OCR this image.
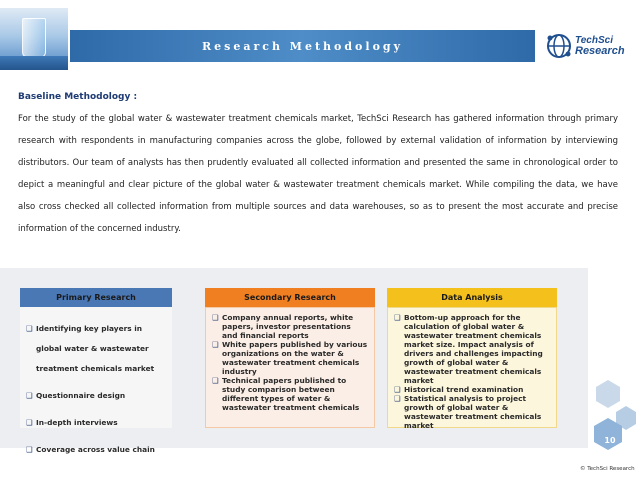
Research Methodology	TechSci
Research
Baseline Methodology :
For the study of the global water & wastewater treatment chemicals market, TechSci Research has gathered information through primary research with respondents in manufacturing companies across the globe, followed by external validation of information by interviewing distributors. Our team of analysts has then prudently evaluated all collected information and presented the same in chronological order to depict a meaningful and clear picture of the global water & wastewater treatment chemicals market. While compiling the data, we have also cross checked all collected information from multiple sources and data warehouses, so as to present the most accurate and precise information of the concerned industry.
Primary Research
❑ Identifying key players in global water & wastewater treatment chemicals market
❑ Questionnaire design
❑ In-depth interviews
❑ Coverage across value chain
Secondary Research
❑ Company annual reports, white papers, investor presentations and financial reports
❑ White papers published by various organizations on the water & wastewater treatment chemicals industry
❑ Technical papers published to study comparison between different types of water & wastewater treatment chemicals
Data Analysis
❑ Bottom-up approach for the calculation of global water & wastewater treatment chemicals market size. Impact analysis of drivers and challenges impacting growth of global water & wastewater treatment chemicals market
❑ Historical trend examination
❑ Statistical analysis to project growth of global water & wastewater treatment chemicals market
10
© TechSci Research
